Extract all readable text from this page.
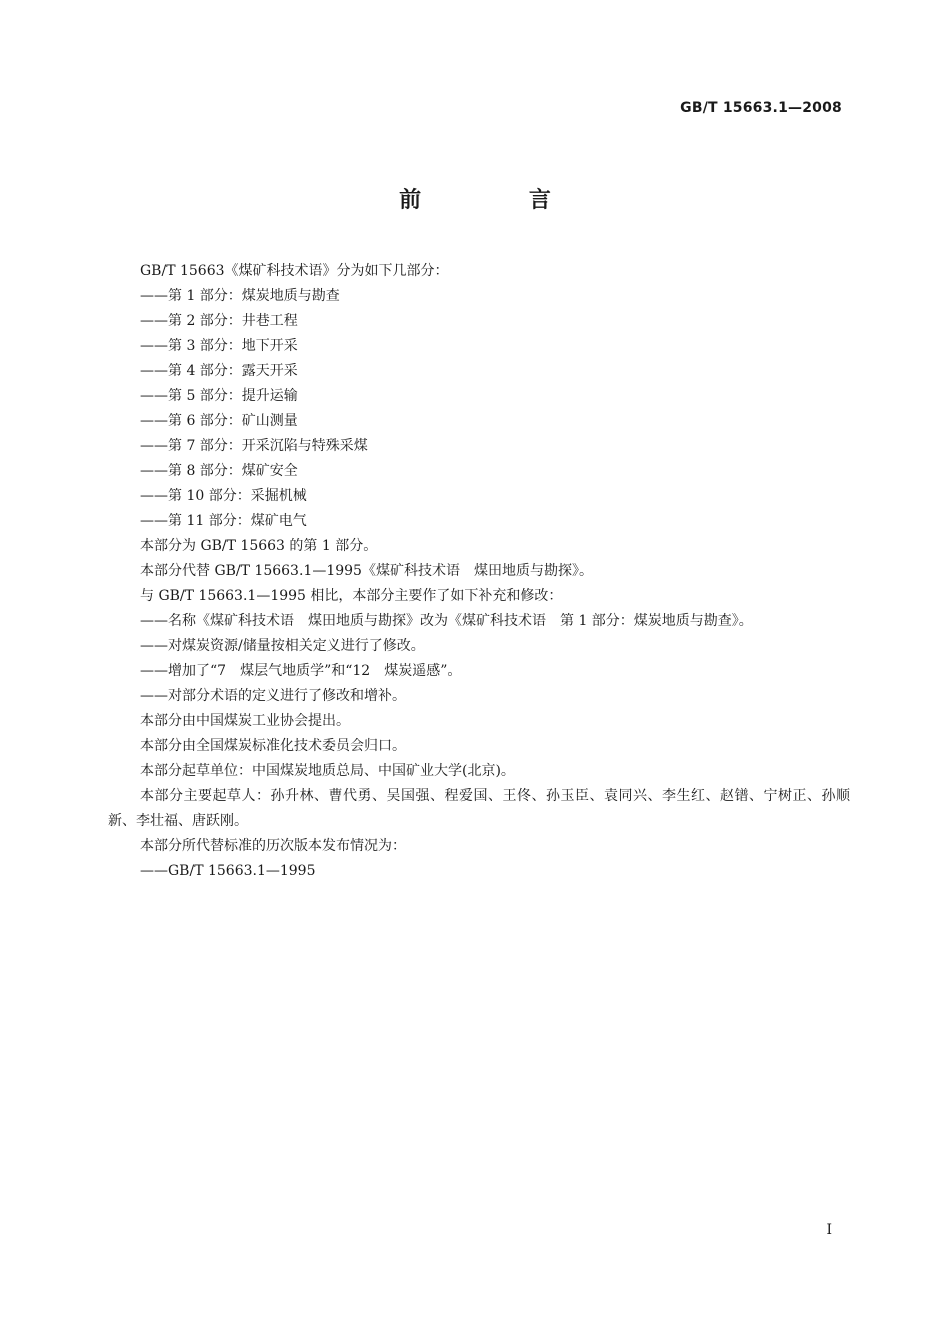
GB/T 15663.1—2008
前 言
GB/T 15663《煤矿科技术语》分为如下几部分：
——第 1 部分：煤炭地质与勘查
——第 2 部分：井巷工程
——第 3 部分：地下开采
——第 4 部分：露天开采
——第 5 部分：提升运输
——第 6 部分：矿山测量
——第 7 部分：开采沉陷与特殊采煤
——第 8 部分：煤矿安全
——第 10 部分：采掘机械
——第 11 部分：煤矿电气
本部分为 GB/T 15663 的第 1 部分。
本部分代替 GB/T 15663.1—1995《煤矿科技术语　煤田地质与勘探》。
与 GB/T 15663.1—1995 相比，本部分主要作了如下补充和修改：
——名称《煤矿科技术语　煤田地质与勘探》改为《煤矿科技术语　第 1 部分：煤炭地质与勘查》。
——对煤炭资源/储量按相关定义进行了修改。
——增加了“7　煤层气地质学”和“12　煤炭遥感”。
——对部分术语的定义进行了修改和增补。
本部分由中国煤炭工业协会提出。
本部分由全国煤炭标准化技术委员会归口。
本部分起草单位：中国煤炭地质总局、中国矿业大学(北京)。
本部分主要起草人：孙升林、曹代勇、吴国强、程爱国、王佟、孙玉臣、袁同兴、李生红、赵镨、宁树正、孙顺新、李壮福、唐跃刚。
本部分所代替标准的历次版本发布情况为：
——GB/T 15663.1—1995
I
